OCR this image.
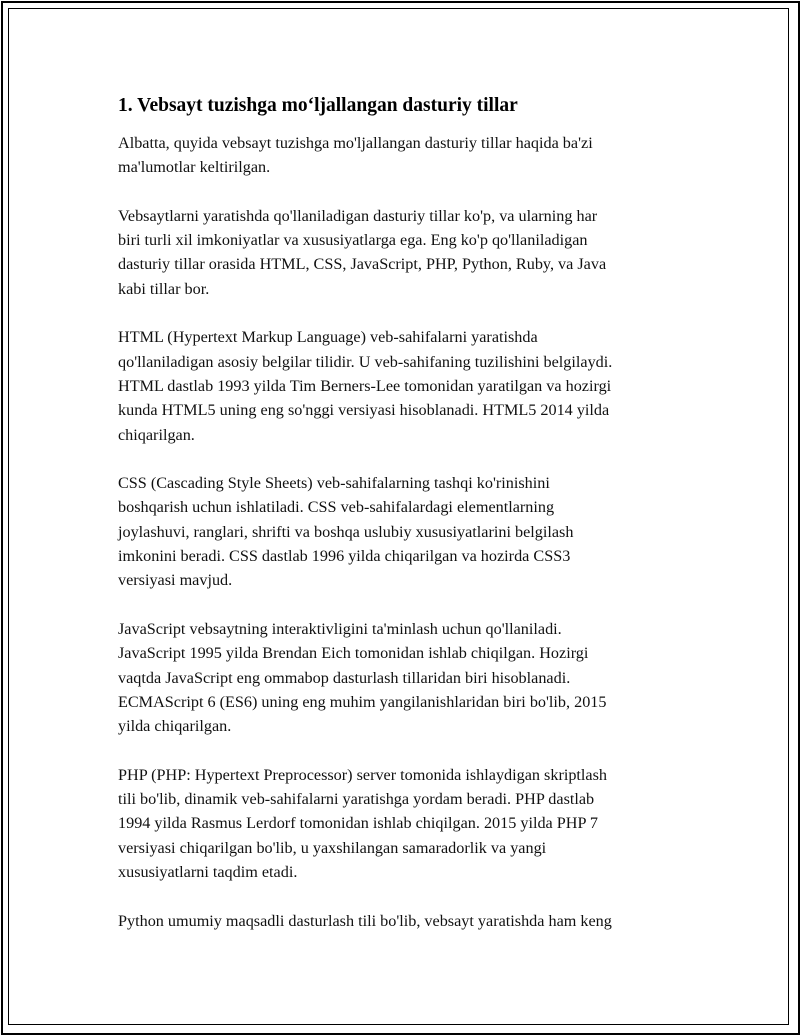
1. Vebsayt tuzishga mo‘ljallangan dasturiy tillar

Albatta, quyida vebsayt tuzishga mo'ljallangan dasturiy tillar haqida ba'zi
ma'lumotlar keltirilgan.

Vebsaytlarni yaratishda qo'llaniladigan dasturiy tillar ko'p, va ularning har
biri turli xil imkoniyatlar va xususiyatlarga ega. Eng ko'p qo'llaniladigan
dasturiy tillar orasida HTML, CSS, JavaScript, PHP, Python, Ruby, va Java
kabi tillar bor.

HTML (Hypertext Markup Language) veb-sahifalarni yaratishda
qo'llaniladigan asosiy belgilar tilidir. U veb-sahifaning tuzilishini belgilaydi.
HTML dastlab 1993 yilda Tim Berners-Lee tomonidan yaratilgan va hozirgi
kunda HTML5 uning eng so'nggi versiyasi hisoblanadi. HTML5 2014 yilda
chiqarilgan.

CSS (Cascading Style Sheets) veb-sahifalarning tashqi ko'rinishini
boshqarish uchun ishlatiladi. CSS veb-sahifalardagi elementlarning
joylashuvi, ranglari, shrifti va boshqa uslubiy xususiyatlarini belgilash
imkonini beradi. CSS dastlab 1996 yilda chiqarilgan va hozirda CSS3
versiyasi mavjud.

JavaScript vebsaytning interaktivligini ta'minlash uchun qo'llaniladi.
JavaScript 1995 yilda Brendan Eich tomonidan ishlab chiqilgan. Hozirgi
vaqtda JavaScript eng ommabop dasturlash tillaridan biri hisoblanadi.
ECMAScript 6 (ES6) uning eng muhim yangilanishlaridan biri bo'lib, 2015
yilda chiqarilgan.

PHP (PHP: Hypertext Preprocessor) server tomonida ishlaydigan skriptlash
tili bo'lib, dinamik veb-sahifalarni yaratishga yordam beradi. PHP dastlab
1994 yilda Rasmus Lerdorf tomonidan ishlab chiqilgan. 2015 yilda PHP 7
versiyasi chiqarilgan bo'lib, u yaxshilangan samaradorlik va yangi
xususiyatlarni taqdim etadi.

Python umumiy maqsadli dasturlash tili bo'lib, vebsayt yaratishda ham keng
